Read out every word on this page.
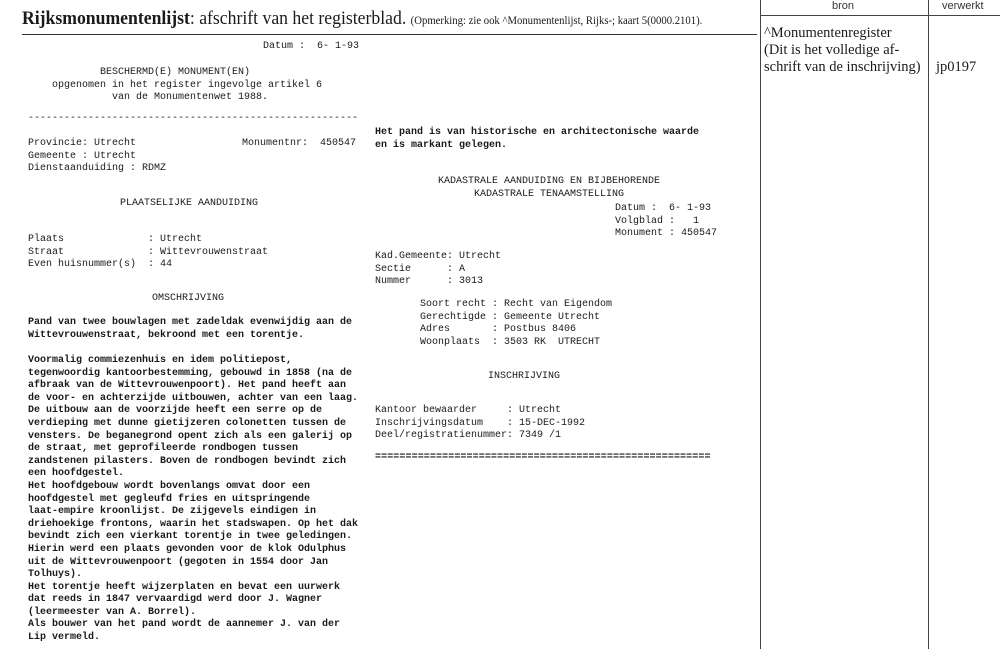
Rijksmonumentenlijst: afschrift van het registerblad. (Opmerking: zie ook ^Monumentenlijst, Rijks-; kaart 5(0000.2101).
bron	verwerkt
^Monumentenregister
(Dit is het volledige af-
schrift van de inschrijving) jp0197
Datum :  6- 1-93
BESCHERMD(E) MONUMENT(EN)
opgenomen in het register ingevolge artikel 6
van de Monumentenwet 1988.
-------------------------------------------------------
Provincie: Utrecht
Gemeente : Utrecht
Dienstaanduiding : RDMZ
Monumentnr:  450547
PLAATSELIJKE AANDUIDING
Plaats              : Utrecht
Straat              : Wittevrouwenstraat
Even huisnummer(s)  : 44
OMSCHRIJVING
Pand van twee bouwlagen met zadeldak evenwijdig aan de
Wittevrouwenstraat, bekroond met een torentje.
Voormalig commiezenhuis en idem politiepost,
tegenwoordig kantoorbestemming, gebouwd in 1858 (na de
afbraak van de Wittevrouwenpoort). Het pand heeft aan
de voor- en achterzijde uitbouwen, achter van een laag.
De uitbouw aan de voorzijde heeft een serre op de
verdieping met dunne gietijzeren colonetten tussen de
vensters. De beganegrond opent zich als een galerij op
de straat, met geprofileerde rondbogen tussen
zandstenen pilasters. Boven de rondbogen bevindt zich
een hoofdgestel.
Het hoofdgebouw wordt bovenlangs omvat door een
hoofdgestel met gegleufd fries en uitspringende
laat-empire kroonlijst. De zijgevels eindigen in
driehoekige frontons, waarin het stadswapen. Op het dak
bevindt zich een vierkant torentje in twee geledingen.
Hierin werd een plaats gevonden voor de klok Odulphus
uit de Wittevrouwenpoort (gegoten in 1554 door Jan
Tolhuys).
Het torentje heeft wijzerplaten en bevat een uurwerk
dat reeds in 1847 vervaardigd werd door J. Wagner
(leermeester van A. Borrel).
Als bouwer van het pand wordt de aannemer J. van der
Lip vermeld.
Het pand is van historische en architectonische waarde
en is markant gelegen.
KADASTRALE AANDUIDING EN BIJBEHORENDE
KADASTRALE TENAAMSTELLING
Datum :  6- 1-93
Volgblad :   1
Monument : 450547
Kad.Gemeente: Utrecht
Sectie      : A
Nummer      : 3013
Soort recht : Recht van Eigendom
Gerechtigde : Gemeente Utrecht
Adres       : Postbus 8406
Woonplaats  : 3503 RK  UTRECHT
INSCHRIJVING
Kantoor bewaarder     : Utrecht
Inschrijvingsdatum    : 15-DEC-1992
Deel/registratienummer: 7349 /1
=======================================================
